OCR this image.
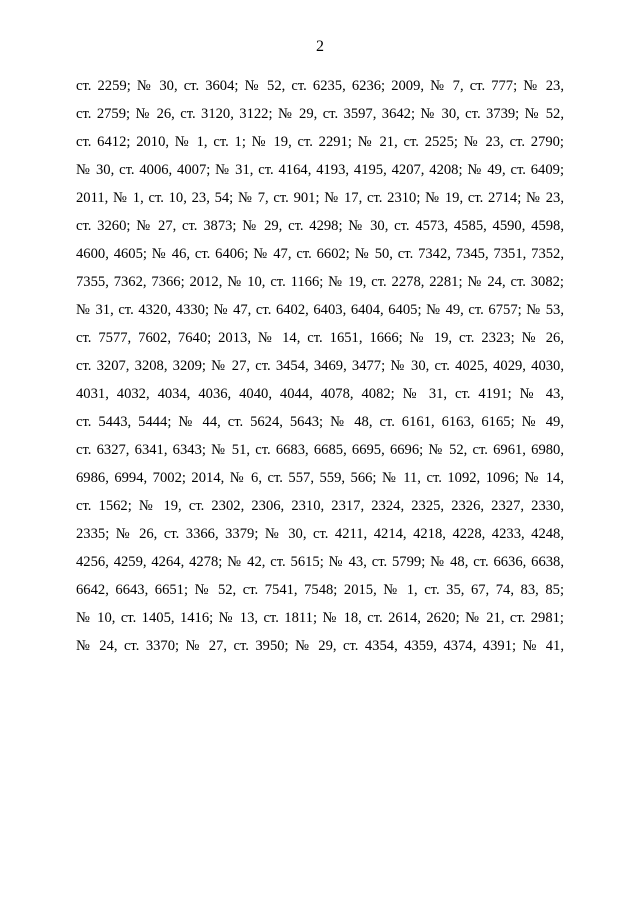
2
ст. 2259; № 30, ст. 3604; № 52, ст. 6235, 6236; 2009, № 7, ст. 777; № 23,
ст. 2759; № 26, ст. 3120, 3122; № 29, ст. 3597, 3642; № 30, ст. 3739; № 52,
ст. 6412; 2010, № 1, ст. 1; № 19, ст. 2291; № 21, ст. 2525; № 23, ст. 2790;
№ 30, ст. 4006, 4007; № 31, ст. 4164, 4193, 4195, 4207, 4208; № 49, ст. 6409;
2011, № 1, ст. 10, 23, 54; № 7, ст. 901; № 17, ст. 2310; № 19, ст. 2714; № 23,
ст. 3260; № 27, ст. 3873; № 29, ст. 4298; № 30, ст. 4573, 4585, 4590, 4598,
4600, 4605; № 46, ст. 6406; № 47, ст. 6602; № 50, ст. 7342, 7345, 7351, 7352,
7355, 7362, 7366; 2012, № 10, ст. 1166; № 19, ст. 2278, 2281; № 24, ст. 3082;
№ 31, ст. 4320, 4330; № 47, ст. 6402, 6403, 6404, 6405; № 49, ст. 6757; № 53,
ст. 7577, 7602, 7640; 2013, № 14, ст. 1651, 1666; № 19, ст. 2323; № 26,
ст. 3207, 3208, 3209; № 27, ст. 3454, 3469, 3477; № 30, ст. 4025, 4029, 4030,
4031, 4032, 4034, 4036, 4040, 4044, 4078, 4082; № 31, ст. 4191; № 43,
ст. 5443, 5444; № 44, ст. 5624, 5643; № 48, ст. 6161, 6163, 6165; № 49,
ст. 6327, 6341, 6343; № 51, ст. 6683, 6685, 6695, 6696; № 52, ст. 6961, 6980,
6986, 6994, 7002; 2014, № 6, ст. 557, 559, 566; № 11, ст. 1092, 1096; № 14,
ст. 1562; № 19, ст. 2302, 2306, 2310, 2317, 2324, 2325, 2326, 2327, 2330,
2335; № 26, ст. 3366, 3379; № 30, ст. 4211, 4214, 4218, 4228, 4233, 4248,
4256, 4259, 4264, 4278; № 42, ст. 5615; № 43, ст. 5799; № 48, ст. 6636, 6638,
6642, 6643, 6651; № 52, ст. 7541, 7548; 2015, № 1, ст. 35, 67, 74, 83, 85;
№ 10, ст. 1405, 1416; № 13, ст. 1811; № 18, ст. 2614, 2620; № 21, ст. 2981;
№ 24, ст. 3370; № 27, ст. 3950; № 29, ст. 4354, 4359, 4374, 4391; № 41,
